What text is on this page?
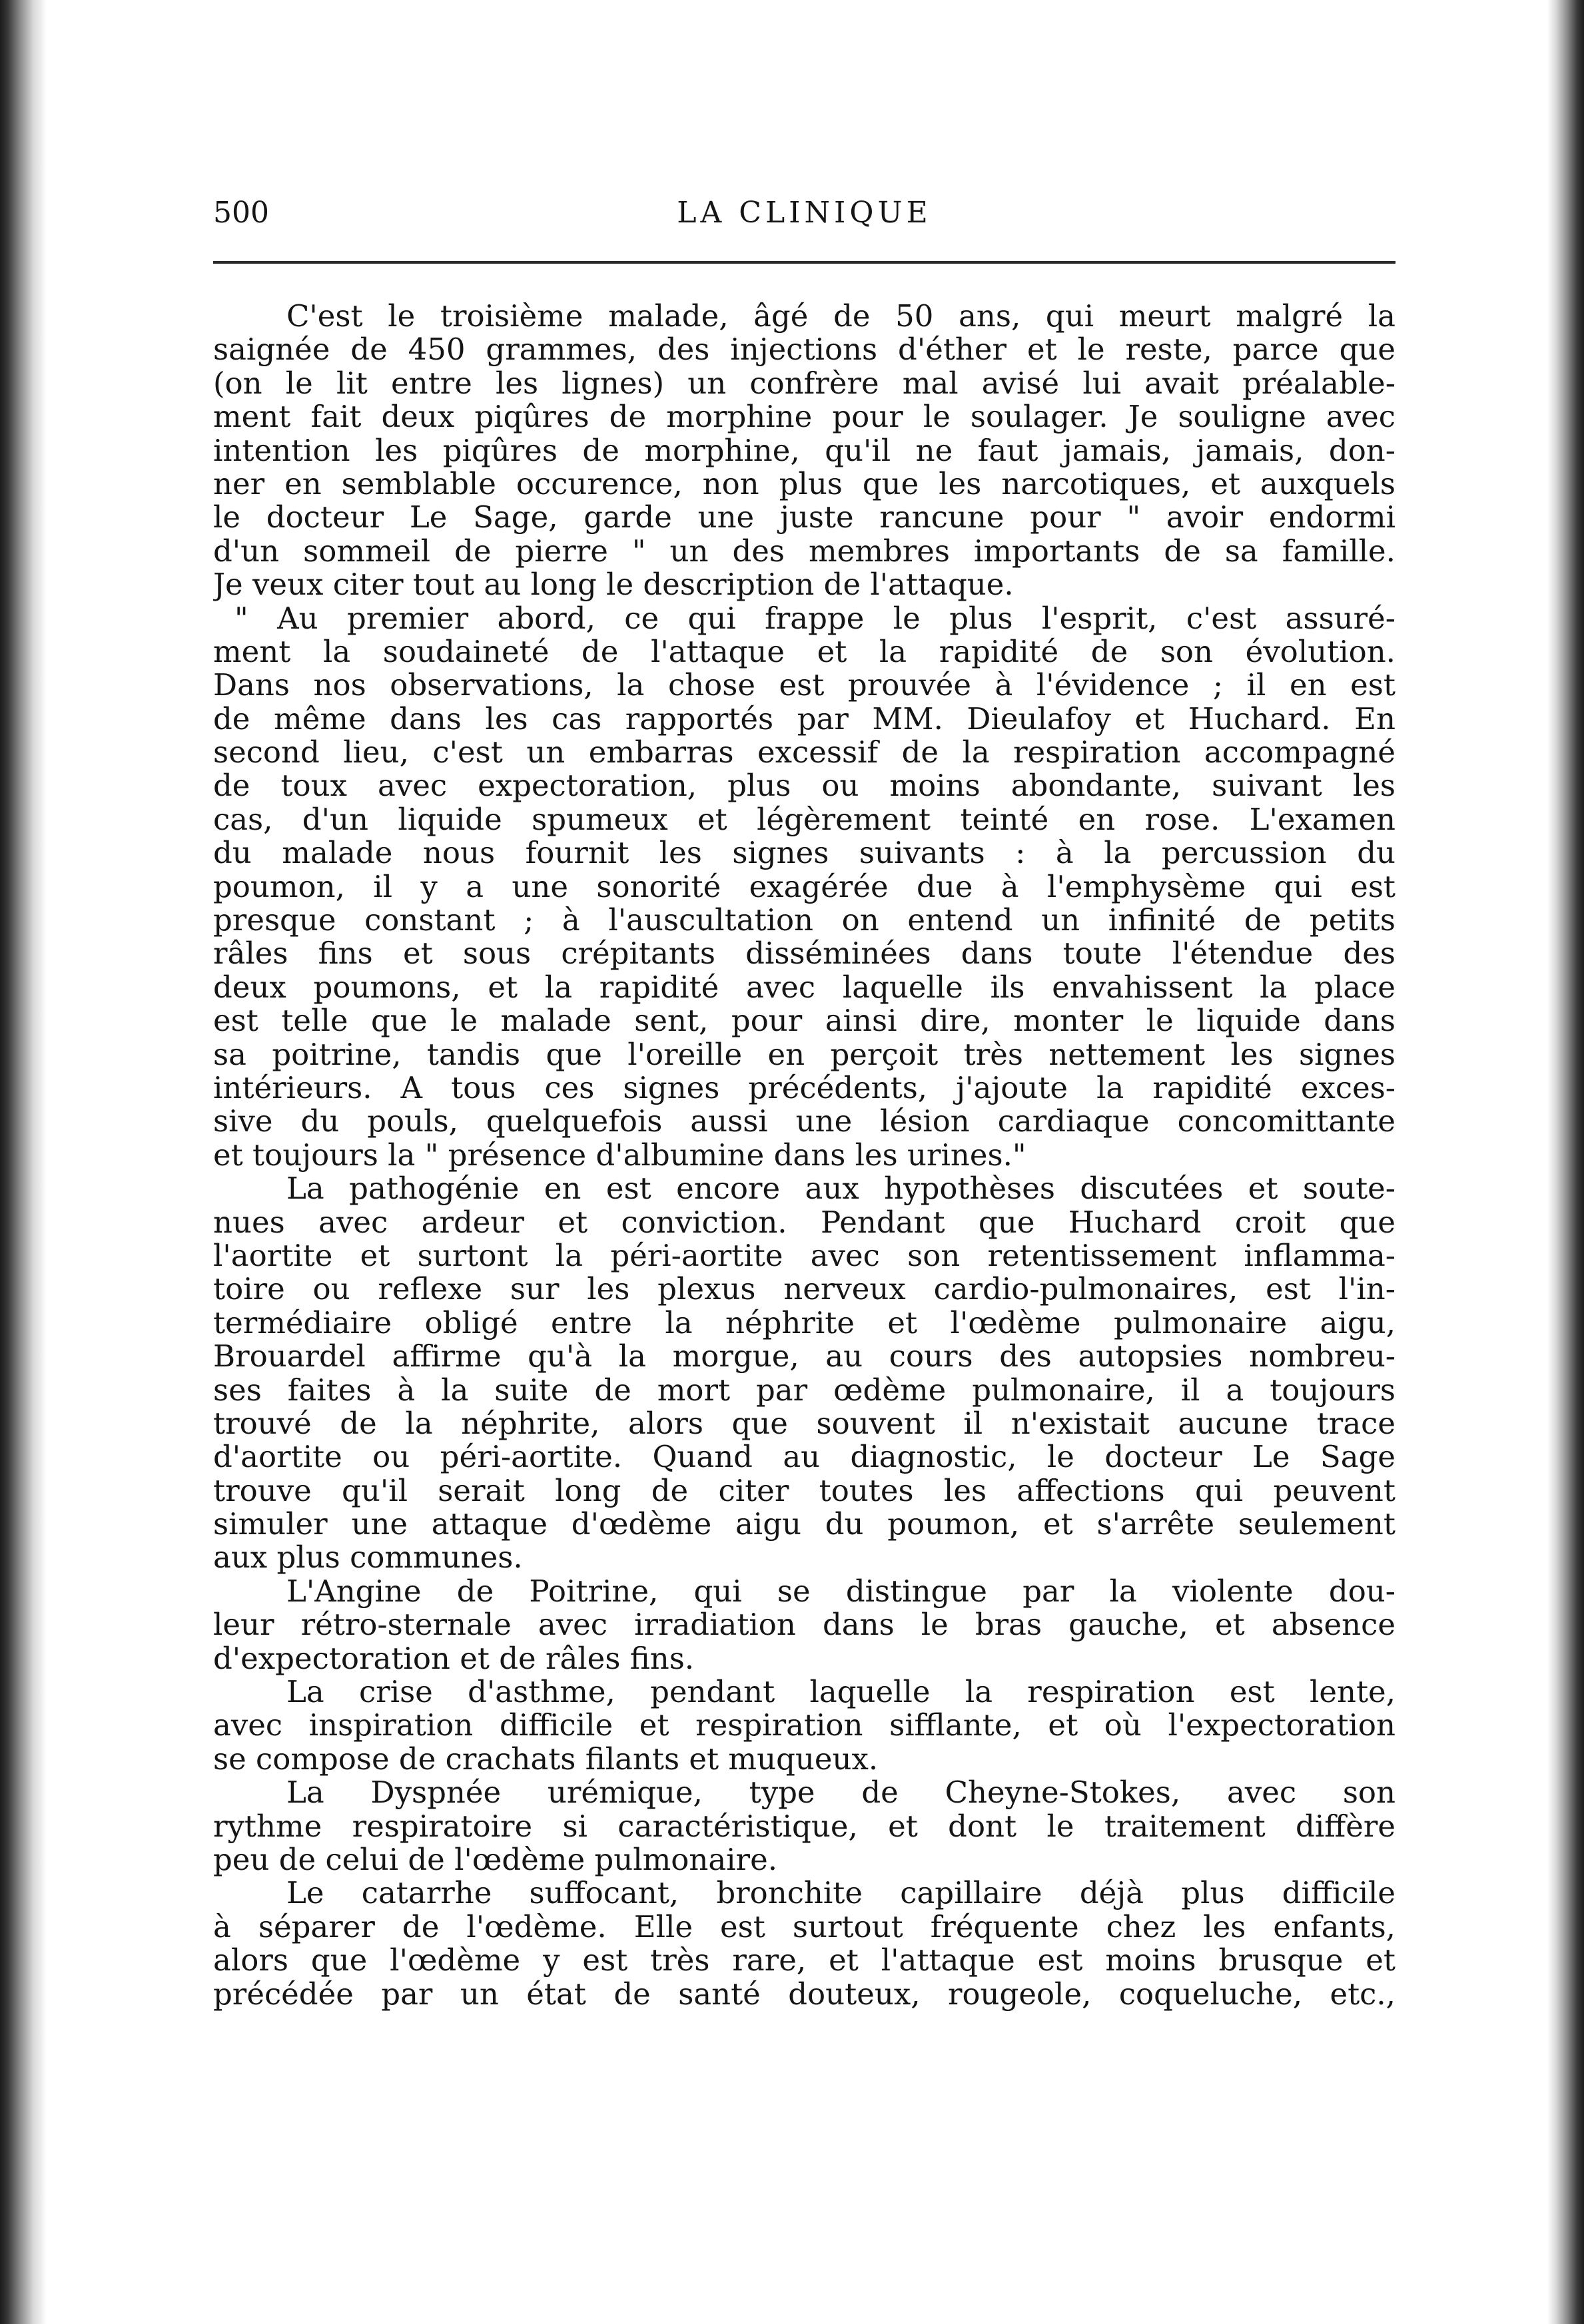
500	LA CLINIQUE
C'est le troisième malade, âgé de 50 ans, qui meurt malgré la
saignée de 450 grammes, des injections d'éther et le reste, parce que
(on le lit entre les lignes) un confrère mal avisé lui avait préalable-
ment fait deux piqûres de morphine pour le soulager. Je souligne avec
intention les piqûres de morphine, qu'il ne faut jamais, jamais, don-
ner en semblable occurence, non plus que les narcotiques, et auxquels
le docteur Le Sage, garde une juste rancune pour " avoir endormi
d'un sommeil de pierre " un des membres importants de sa famille.
Je veux citer tout au long le description de l'attaque.
" Au premier abord, ce qui frappe le plus l'esprit, c'est assuré-
ment la soudaineté de l'attaque et la rapidité de son évolution.
Dans nos observations, la chose est prouvée à l'évidence ; il en est
de même dans les cas rapportés par MM. Dieulafoy et Huchard. En
second lieu, c'est un embarras excessif de la respiration accompagné
de toux avec expectoration, plus ou moins abondante, suivant les
cas, d'un liquide spumeux et légèrement teinté en rose. L'examen
du malade nous fournit les signes suivants : à la percussion du
poumon, il y a une sonorité exagérée due à l'emphysème qui est
presque constant ; à l'auscultation on entend un infinité de petits
râles fins et sous crépitants disséminées dans toute l'étendue des
deux poumons, et la rapidité avec laquelle ils envahissent la place
est telle que le malade sent, pour ainsi dire, monter le liquide dans
sa poitrine, tandis que l'oreille en perçoit très nettement les signes
intérieurs. A tous ces signes précédents, j'ajoute la rapidité exces-
sive du pouls, quelquefois aussi une lésion cardiaque concomittante
et toujours la " présence d'albumine dans les urines."
La pathogénie en est encore aux hypothèses discutées et soute-
nues avec ardeur et conviction. Pendant que Huchard croit que
l'aortite et surtont la péri-aortite avec son retentissement inflamma-
toire ou reflexe sur les plexus nerveux cardio-pulmonaires, est l'in-
termédiaire obligé entre la néphrite et l'œdème pulmonaire aigu,
Brouardel affirme qu'à la morgue, au cours des autopsies nombreu-
ses faites à la suite de mort par œdème pulmonaire, il a toujours
trouvé de la néphrite, alors que souvent il n'existait aucune trace
d'aortite ou péri-aortite. Quand au diagnostic, le docteur Le Sage
trouve qu'il serait long de citer toutes les affections qui peuvent
simuler une attaque d'œdème aigu du poumon, et s'arrête seulement
aux plus communes.
L'Angine de Poitrine, qui se distingue par la violente dou-
leur rétro-sternale avec irradiation dans le bras gauche, et absence
d'expectoration et de râles fins.
La crise d'asthme, pendant laquelle la respiration est lente,
avec inspiration difficile et respiration sifflante, et où l'expectoration
se compose de crachats filants et muqueux.
La Dyspnée urémique, type de Cheyne-Stokes, avec son
rythme respiratoire si caractéristique, et dont le traitement diffère
peu de celui de l'œdème pulmonaire.
Le catarrhe suffocant, bronchite capillaire déjà plus difficile
à séparer de l'œdème. Elle est surtout fréquente chez les enfants,
alors que l'œdème y est très rare, et l'attaque est moins brusque et
précédée par un état de santé douteux, rougeole, coqueluche, etc.,
